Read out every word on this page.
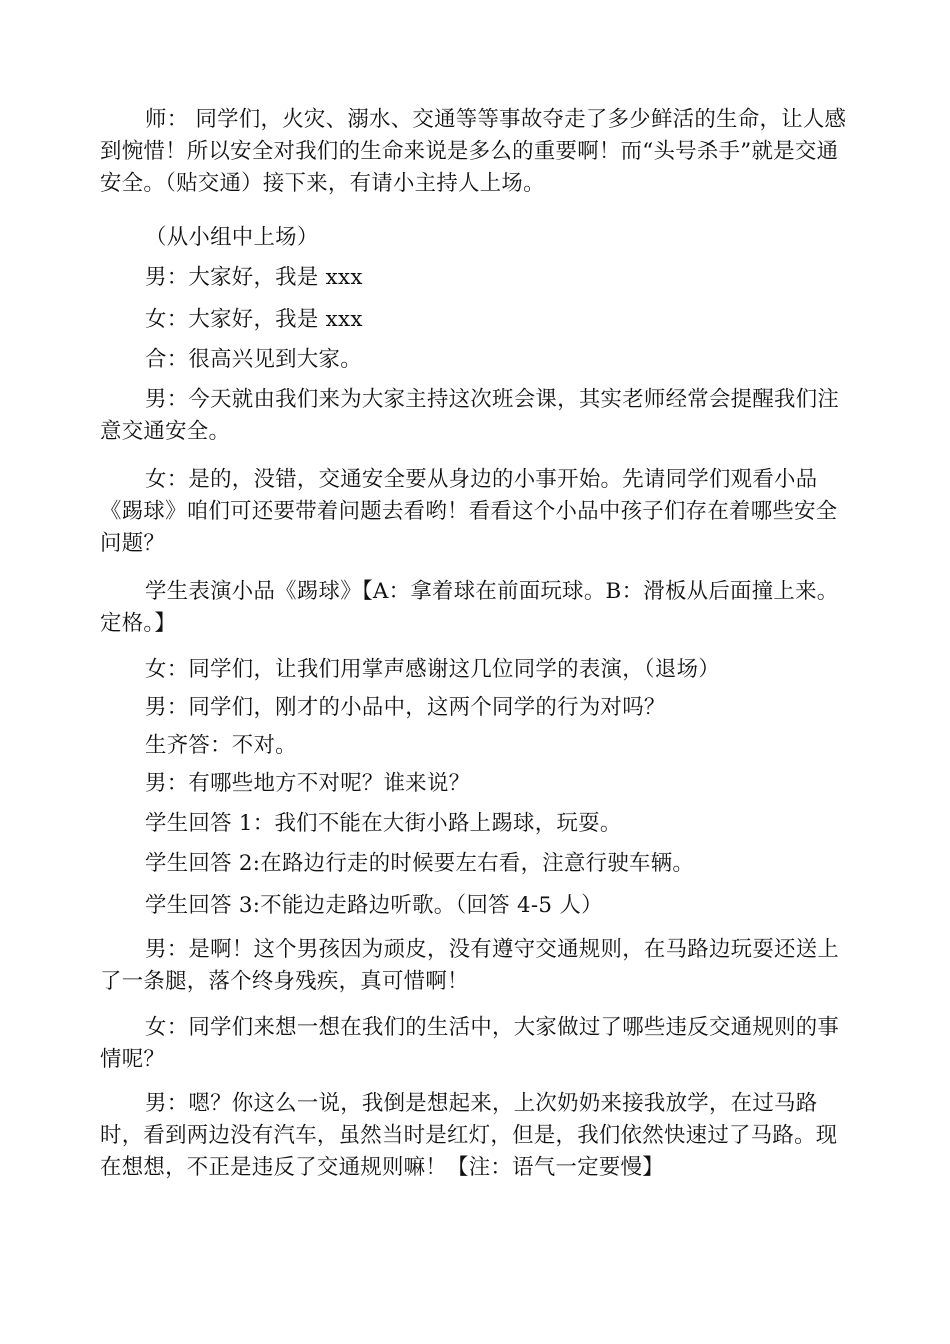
师： 同学们，火灾、溺水、交通等等事故夺走了多少鲜活的生命，让人感到惋惜！所以安全对我们的生命来说是多么的重要啊！而“头号杀手”就是交通安全。（贴交通）接下来，有请小主持人上场。

（从小组中上场）

男：大家好，我是 xxx

女：大家好，我是 xxx

合：很高兴见到大家。

男：今天就由我们来为大家主持这次班会课，其实老师经常会提醒我们注意交通安全。

女：是的，没错，交通安全要从身边的小事开始。先请同学们观看小品《踢球》咱们可还要带着问题去看哟！看看这个小品中孩子们存在着哪些安全问题？

学生表演小品《踢球》【A：拿着球在前面玩球。B：滑板从后面撞上来。定格。】

女：同学们，让我们用掌声感谢这几位同学的表演，（退场）

男：同学们，刚才的小品中，这两个同学的行为对吗？

生齐答：不对。

男：有哪些地方不对呢？谁来说？

学生回答 1：我们不能在大街小路上踢球，玩耍。

学生回答 2:在路边行走的时候要左右看，注意行驶车辆。

学生回答 3:不能边走路边听歌。（回答 4-5 人）

男：是啊！这个男孩因为顽皮，没有遵守交通规则，在马路边玩耍还送上了一条腿，落个终身残疾，真可惜啊！

女：同学们来想一想在我们的生活中，大家做过了哪些违反交通规则的事情呢？

男：嗯？你这么一说，我倒是想起来，上次奶奶来接我放学，在过马路时，看到两边没有汽车，虽然当时是红灯，但是，我们依然快速过了马路。现在想想，不正是违反了交通规则嘛！【注：语气一定要慢】
